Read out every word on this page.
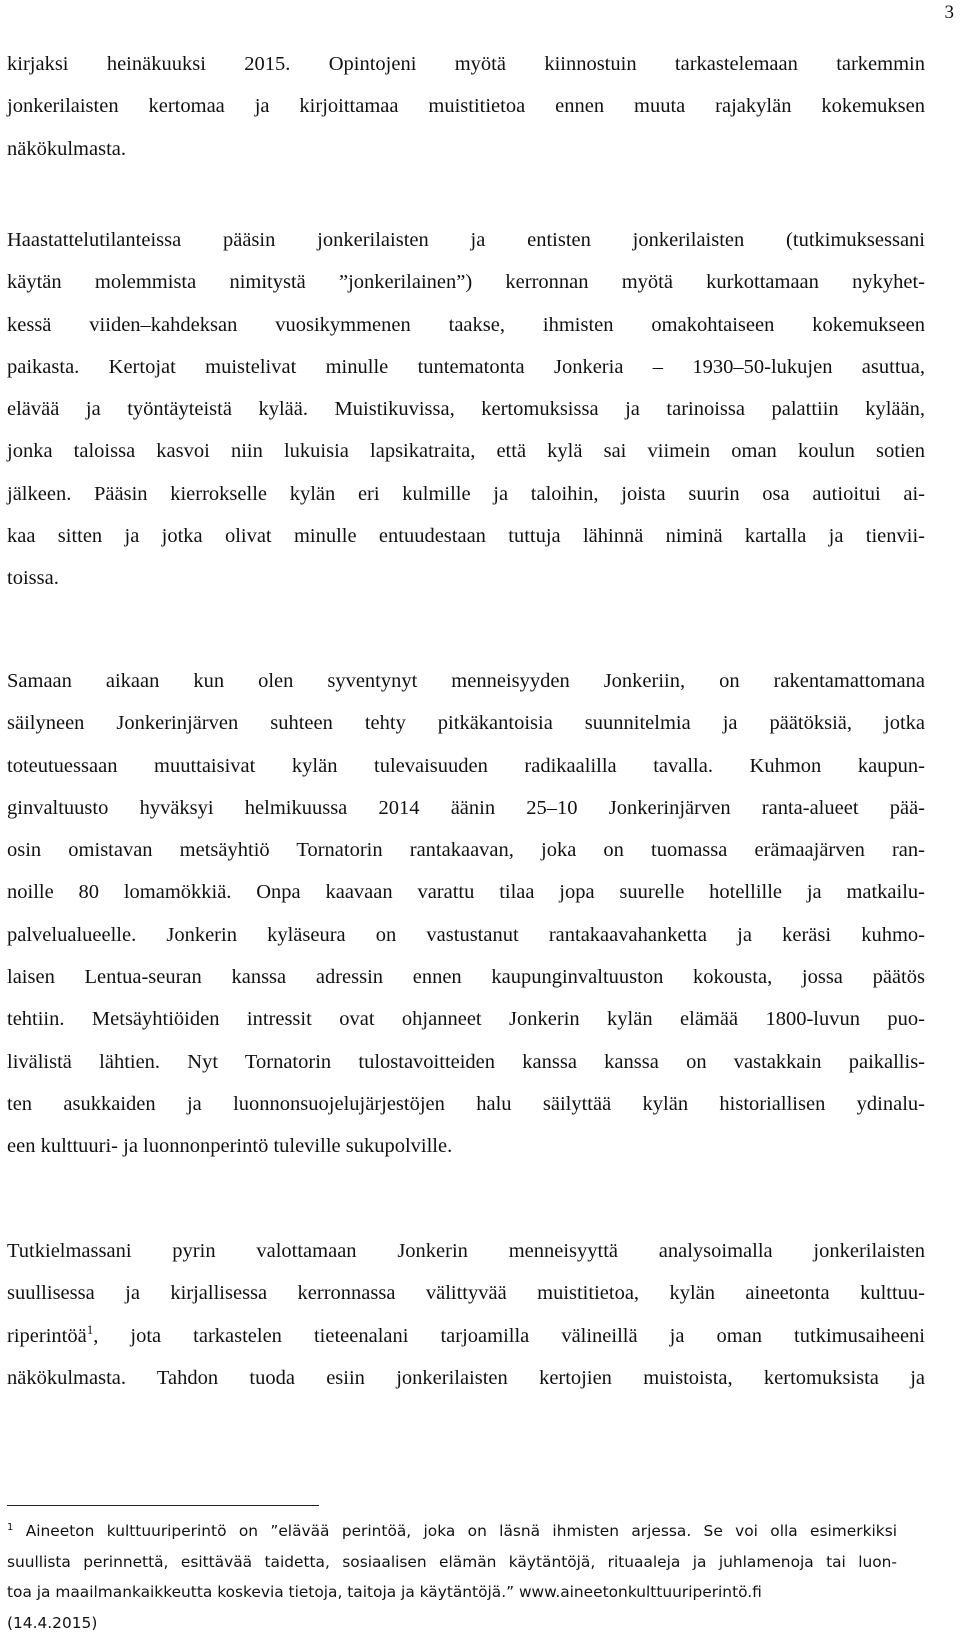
3
kirjaksi heinäkuuksi 2015. Opintojeni myötä kiinnostuin tarkastelemaan tarkemmin
jonkerilaisten kertomaa ja kirjoittamaa muistitietoa ennen muuta rajakylän kokemuksen
näkökulmasta.
Haastattelutilanteissa pääsin jonkerilaisten ja entisten jonkerilaisten (tutkimuksessani
käytän molemmista nimitystä ”jonkerilainen”) kerronnan myötä kurkottamaan nykyhet-
kessä viiden–kahdeksan vuosikymmenen taakse, ihmisten omakohtaiseen kokemukseen
paikasta. Kertojat muistelivat minulle tuntematonta Jonkeria – 1930–50-lukujen asuttua,
elävää ja työntäyteistä kylää. Muistikuvissa, kertomuksissa ja tarinoissa palattiin kylään,
jonka taloissa kasvoi niin lukuisia lapsikatraita, että kylä sai viimein oman koulun sotien
jälkeen. Pääsin kierrokselle kylän eri kulmille ja taloihin, joista suurin osa autioitui ai-
kaa sitten ja jotka olivat minulle entuudestaan tuttuja lähinnä niminä kartalla ja tienvii-
toissa.
Samaan aikaan kun olen syventynyt menneisyyden Jonkeriin, on rakentamattomana
säilyneen Jonkerinjärven suhteen tehty pitkäkantoisia suunnitelmia ja päätöksiä, jotka
toteutuessaan muuttaisivat kylän tulevaisuuden radikaalilla tavalla. Kuhmon kaupun-
ginvaltuusto hyväksyi helmikuussa 2014 äänin 25–10 Jonkerinjärven ranta-alueet pää-
osin omistavan metsäyhtiö Tornatorin rantakaavan, joka on tuomassa erämaajärven ran-
noille 80 lomamökkiä. Onpa kaavaan varattu tilaa jopa suurelle hotellille ja matkailu-
palvelualueelle. Jonkerin kyläseura on vastustanut rantakaavahanketta ja keräsi kuhmo-
laisen Lentua-seuran kanssa adressin ennen kaupunginvaltuuston kokousta, jossa päätös
tehtiin. Metsäyhtiöiden intressit ovat ohjanneet Jonkerin kylän elämää 1800-luvun puo-
livälistä lähtien. Nyt Tornatorin tulostavoitteiden kanssa kanssa on vastakkain paikallis-
ten asukkaiden ja luonnonsuojelujärjestöjen halu säilyttää kylän historiallisen ydinalu-
een kulttuuri- ja luonnonperintö tuleville sukupolville.
Tutkielmassani pyrin valottamaan Jonkerin menneisyyttä analysoimalla jonkerilaisten
suullisessa ja kirjallisessa kerronnassa välittyvää muistitietoa, kylän aineetonta kulttuu-
riperintöä$^1$, jota tarkastelen tieteenalani tarjoamilla välineillä ja oman tutkimusaiheeni
näkökulmasta. Tahdon tuoda esiin jonkerilaisten kertojien muistoista, kertomuksista ja
$^1$ Aineeton kulttuuriperintö on ”elävää perintöä, joka on läsnä ihmisten arjessa. Se voi olla esimerkiksi
suullista perinnettä, esittävää taidetta, sosiaalisen elämän käytäntöjä, rituaaleja ja juhlamenoja tai luon-
toa ja maailmankaikkeutta koskevia tietoja, taitoja ja käytäntöjä.” www.aineetonkulttuuriperintö.fi
(14.4.2015)
